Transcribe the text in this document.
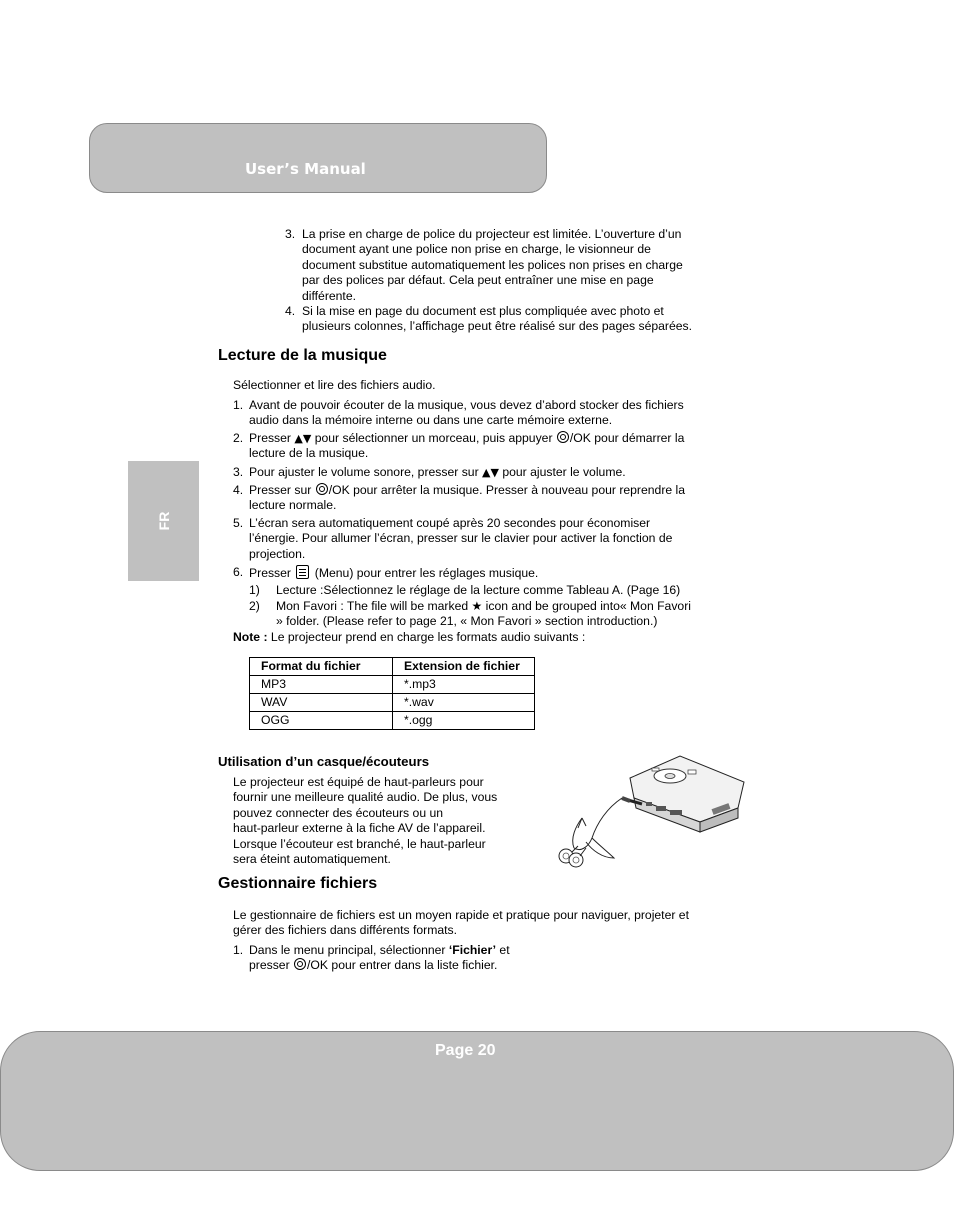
User’s Manual
FR
3. La prise en charge de police du projecteur est limitée. L’ouverture d’un
document ayant une police non prise en charge, le visionneur de
document substitue automatiquement les polices non prises en charge
par des polices par défaut. Cela peut entraîner une mise en page
différente.
4. Si la mise en page du document est plus compliquée avec photo et
plusieurs colonnes, l’affichage peut être réalisé sur des pages séparées.
Lecture de la musique
Sélectionner et lire des fichiers audio.
1. Avant de pouvoir écouter de la musique, vous devez d’abord stocker des fichiers
audio dans la mémoire interne ou dans une carte mémoire externe.
2. Presser ▲▼ pour sélectionner un morceau, puis appuyer /OK pour démarrer la
lecture de la musique.
3. Pour ajuster le volume sonore, presser sur ▲▼ pour ajuster le volume.
4. Presser sur /OK pour arrêter la musique. Presser à nouveau pour reprendre la
lecture normale.
5. L’écran sera automatiquement coupé après 20 secondes pour économiser
l’énergie. Pour allumer l’écran, presser sur le clavier pour activer la fonction de
projection.
6. Presser  (Menu) pour entrer les réglages musique.
1) Lecture :Sélectionnez le réglage de la lecture comme Tableau A. (Page 16)
2) Mon Favori : The file will be marked ★ icon and be grouped into« Mon Favori
» folder. (Please refer to page 21, « Mon Favori » section introduction.)
Note : Le projecteur prend en charge les formats audio suivants :
Format du fichier	Extension de fichier
MP3	*.mp3
WAV	*.wav
OGG	*.ogg
Utilisation d’un casque/écouteurs
Le projecteur est équipé de haut-parleurs pour
fournir une meilleure qualité audio. De plus, vous
pouvez connecter des écouteurs ou un
haut-parleur externe à la fiche AV de l’appareil.
Lorsque l’écouteur est branché, le haut-parleur
sera éteint automatiquement.
Gestionnaire fichiers
Le gestionnaire de fichiers est un moyen rapide et pratique pour naviguer, projeter et
gérer des fichiers dans différents formats.
1. Dans le menu principal, sélectionner ‘Fichier’ et
presser /OK pour entrer dans la liste fichier.
Page 20
